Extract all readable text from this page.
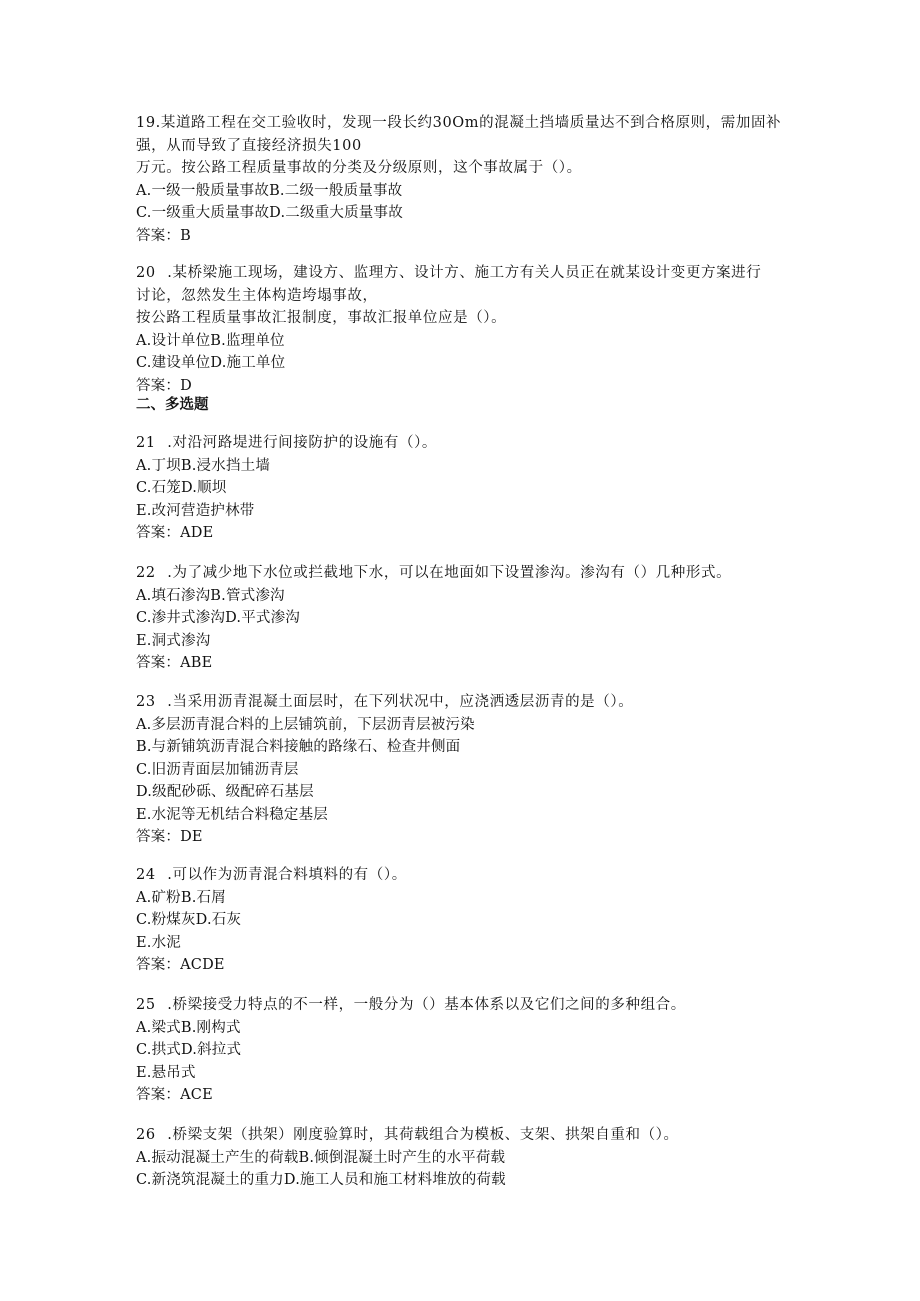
19.某道路工程在交工验收时，发现一段长约30Om的混凝土挡墙质量达不到合格原则，需加固补
强，从而导致了直接经济损失100
万元。按公路工程质量事故的分类及分级原则，这个事故属于（）。
A.一级一般质量事故B.二级一般质量事故
C.一级重大质量事故D.二级重大质量事故
答案：B
20	.某桥梁施工现场，建设方、监理方、设计方、施工方有关人员正在就某设计变更方案进行
讨论，忽然发生主体构造垮塌事故，
按公路工程质量事故汇报制度，事故汇报单位应是（）。
A.设计单位B.监理单位
C.建设单位D.施工单位
答案：D
二、多选题
21	.对沿河路堤进行间接防护的设施有（）。
A.丁坝B.浸水挡土墙
C.石笼D.顺坝
E.改河营造护林带
答案：ADE
22	.为了减少地下水位或拦截地下水，可以在地面如下设置渗沟。渗沟有（）几种形式。
A.填石渗沟B.管式渗沟
C.渗井式渗沟D.平式渗沟
E.洞式渗沟
答案：ABE
23	.当采用沥青混凝土面层时，在下列状况中，应浇洒透层沥青的是（）。
A.多层沥青混合料的上层铺筑前，下层沥青层被污染
B.与新铺筑沥青混合料接触的路缘石、检查井侧面
C.旧沥青面层加铺沥青层
D.级配砂砾、级配碎石基层
E.水泥等无机结合料稳定基层
答案：DE
24	.可以作为沥青混合料填料的有（）。
A.矿粉B.石屑
C.粉煤灰D.石灰
E.水泥
答案：ACDE
25	.桥梁接受力特点的不一样，一般分为（）基本体系以及它们之间的多种组合。
A.梁式B.刚构式
C.拱式D.斜拉式
E.悬吊式
答案：ACE
26	.桥梁支架（拱架）刚度验算时，其荷载组合为模板、支架、拱架自重和（）。
A.振动混凝土产生的荷载B.倾倒混凝土时产生的水平荷载
C.新浇筑混凝土的重力D.施工人员和施工材料堆放的荷载
